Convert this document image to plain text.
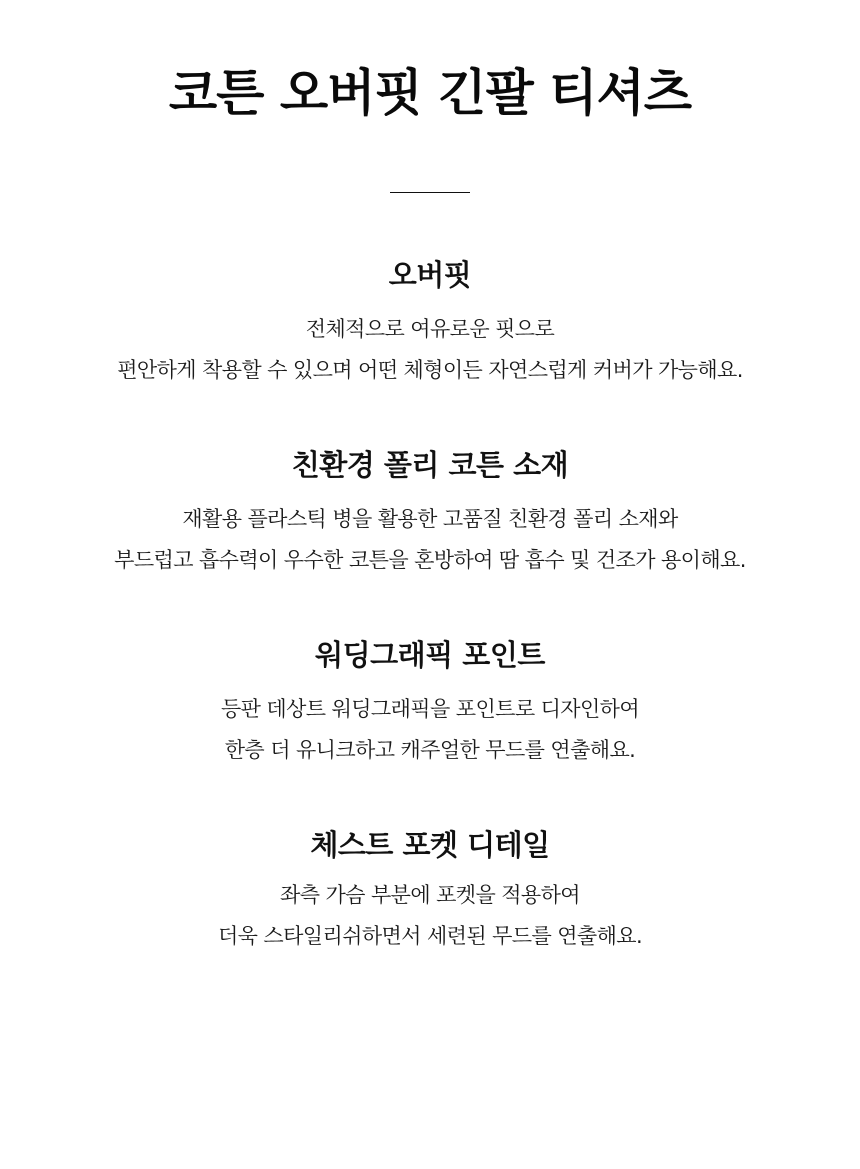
코튼 오버핏 긴팔 티셔츠
오버핏

전체적으로 여유로운 핏으로
편안하게 착용할 수 있으며 어떤 체형이든 자연스럽게 커버가 가능해요.

친환경 폴리 코튼 소재

재활용 플라스틱 병을 활용한 고품질 친환경 폴리 소재와
부드럽고 흡수력이 우수한 코튼을 혼방하여 땀 흡수 및 건조가 용이해요.

워딩그래픽 포인트

등판 데상트 워딩그래픽을 포인트로 디자인하여
한층 더 유니크하고 캐주얼한 무드를 연출해요.

체스트 포켓 디테일

좌측 가슴 부분에 포켓을 적용하여
더욱 스타일리쉬하면서 세련된 무드를 연출해요.
